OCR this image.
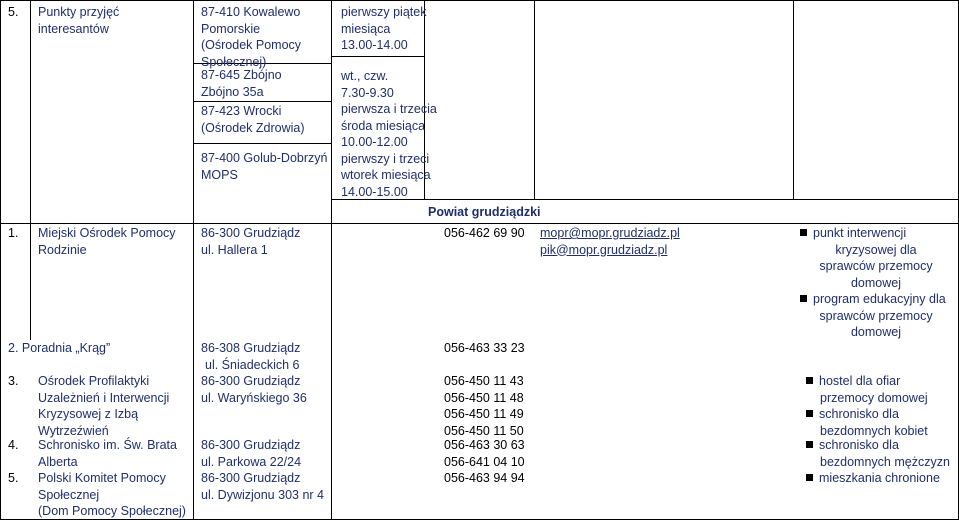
5. Punkty przyjęć
interesantów
87-410 Kowalewo
Pomorskie
(Ośrodek Pomocy
Społecznej)
87-645 Zbójno
Zbójno 35a
87-423 Wrocki
(Ośrodek Zdrowia)
87-400 Golub-Dobrzyń
MOPS
pierwszy piątek
miesiąca
13.00-14.00
wt., czw.
7.30-9.30
pierwsza i trzecia
środa miesiąca
10.00-12.00
pierwszy i trzeci
wtorek miesiąca
14.00-15.00
Powiat grudziądzki
1. Miejski Ośrodek Pomocy
Rodzinie
86-300 Grudziądz
ul. Hallera 1
056-462 69 90 mopr@mopr.grudziadz.pl
pik@mopr.grudziadz.pl
punkt interwencji
kryzysowej dla
sprawców przemocy
domowej
program edukacyjny dla
sprawców przemocy
domowej
2. Poradnia „Krąg”	86-308 Grudziądz
ul. Śniadeckich 6
056-463 33 23
3. Ośrodek Profilaktyki
Uzależnień i Interwencji
Kryzysowej z Izbą
Wytrzeźwień
86-300 Grudziądz
ul. Waryńskiego 36
056-450 11 43
056-450 11 48
056-450 11 49
056-450 11 50
hostel dla ofiar
przemocy domowej
schronisko dla
bezdomnych kobiet
4. Schronisko im. Św. Brata
Alberta
86-300 Grudziądz
ul. Parkowa 22/24
056-463 30 63
056-641 04 10
schronisko dla
bezdomnych mężczyzn
5. Polski Komitet Pomocy
Społecznej
(Dom Pomocy Społecznej)
86-300 Grudziądz
ul. Dywizjonu 303 nr 4
056-463 94 94	mieszkania chronione
